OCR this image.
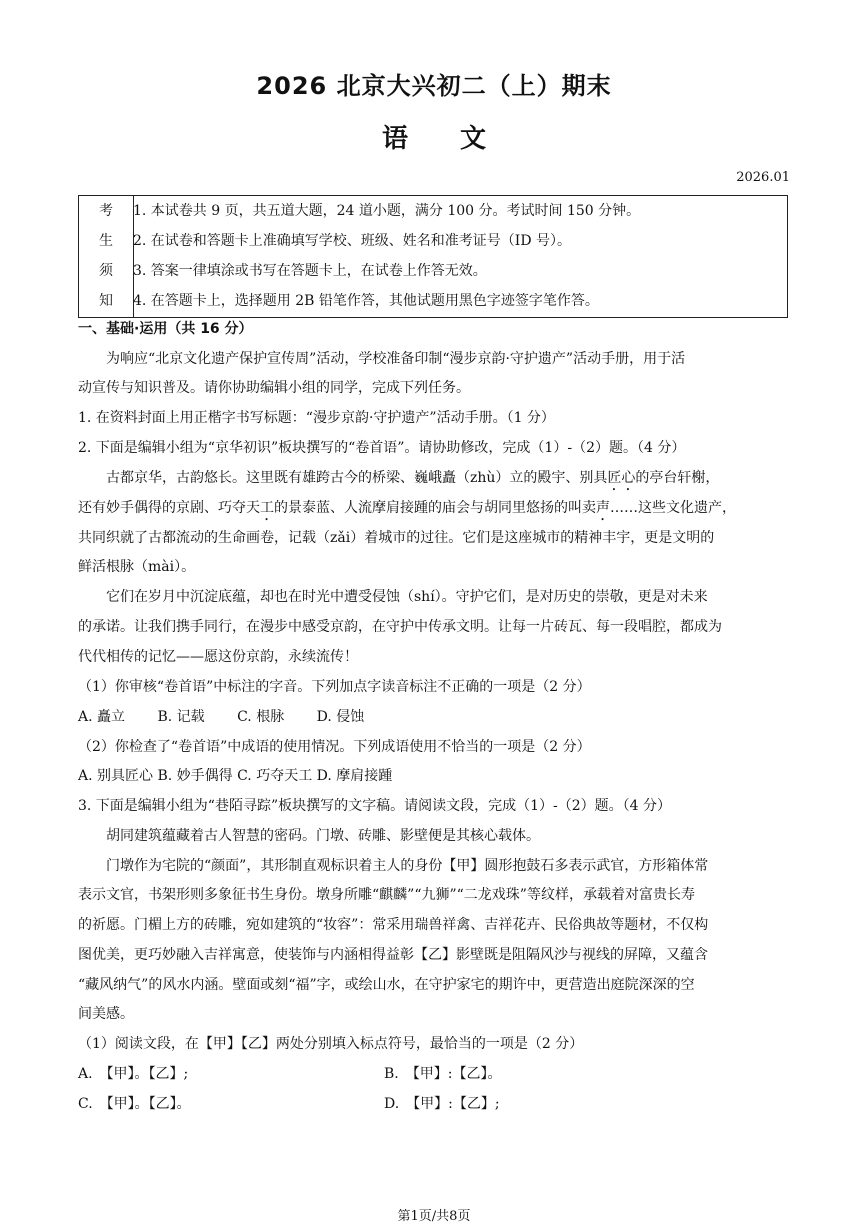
2026 北京大兴初二（上）期末
语文
2026.01
考
生
须
知
1. 本试卷共 9 页，共五道大题，24 道小题，满分 100 分。考试时间 150 分钟。
2. 在试卷和答题卡上准确填写学校、班级、姓名和准考证号（ID 号）。
3. 答案一律填涂或书写在答题卡上，在试卷上作答无效。
4. 在答题卡上，选择题用 2B 铅笔作答，其他试题用黑色字迹签字笔作答。
一、基础·运用（共 16 分）
为响应“北京文化遗产保护宣传周”活动，学校准备印制“漫步京韵·守护遗产”活动手册，用于活
动宣传与知识普及。请你协助编辑小组的同学，完成下列任务。
1. 在资料封面上用正楷字书写标题：“漫步京韵·守护遗产”活动手册。（1 分）
2. 下面是编辑小组为“京华初识”板块撰写的“卷首语”。请协助修改，完成（1）-（2）题。（4 分）
古都京华，古韵悠长。这里既有雄跨古今的桥梁、巍峨矗（zhù）立的殿宇、别具匠心的亭台轩榭，
还有妙手偶得的京剧、巧夺天工的景泰蓝、人流摩肩接踵的庙会与胡同里悠扬的叫卖声……这些文化遗产，
共同织就了古都流动的生命画卷，记载（zǎi）着城市的过往。它们是这座城市的精神丰宇，更是文明的
鲜活根脉（mài）。
它们在岁月中沉淀底蕴，却也在时光中遭受侵蚀（shí）。守护它们，是对历史的崇敬，更是对未来
的承诺。让我们携手同行，在漫步中感受京韵，在守护中传承文明。让每一片砖瓦、每一段唱腔，都成为
代代相传的记忆——愿这份京韵，永续流传！
（1）你审核“卷首语”中标注的字音。下列加点字读音标注不正确的一项是（2 分）
A. 矗立　　 B. 记载　　 C. 根脉　　 D. 侵蚀
（2）你检查了“卷首语”中成语的使用情况。下列成语使用不恰当的一项是（2 分）
A. 别具匠心 B. 妙手偶得 C. 巧夺天工 D. 摩肩接踵
3. 下面是编辑小组为“巷陌寻踪”板块撰写的文字稿。请阅读文段，完成（1）-（2）题。（4 分）
胡同建筑蕴藏着古人智慧的密码。门墩、砖雕、影壁便是其核心载体。
门墩作为宅院的“颜面”，其形制直观标识着主人的身份【甲】圆形抱鼓石多表示武官，方形箱体常
表示文官，书架形则多象征书生身份。墩身所雕“麒麟”“九狮”“二龙戏珠”等纹样，承载着对富贵长寿
的祈愿。门楣上方的砖雕，宛如建筑的“妆容”：常采用瑞兽祥禽、吉祥花卉、民俗典故等题材，不仅构
图优美，更巧妙融入吉祥寓意，使装饰与内涵相得益彰【乙】影壁既是阻隔风沙与视线的屏障，又蕴含
“藏风纳气”的风水内涵。壁面或刻“福”字，或绘山水，在守护家宅的期许中，更营造出庭院深深的空
间美感。
（1）阅读文段，在【甲】【乙】两处分别填入标点符号，最恰当的一项是（2 分）
A.　【甲】。【乙】;	B.　【甲】:【乙】。
C.　【甲】。【乙】。	D.　【甲】:【乙】;
第1页/共8页
